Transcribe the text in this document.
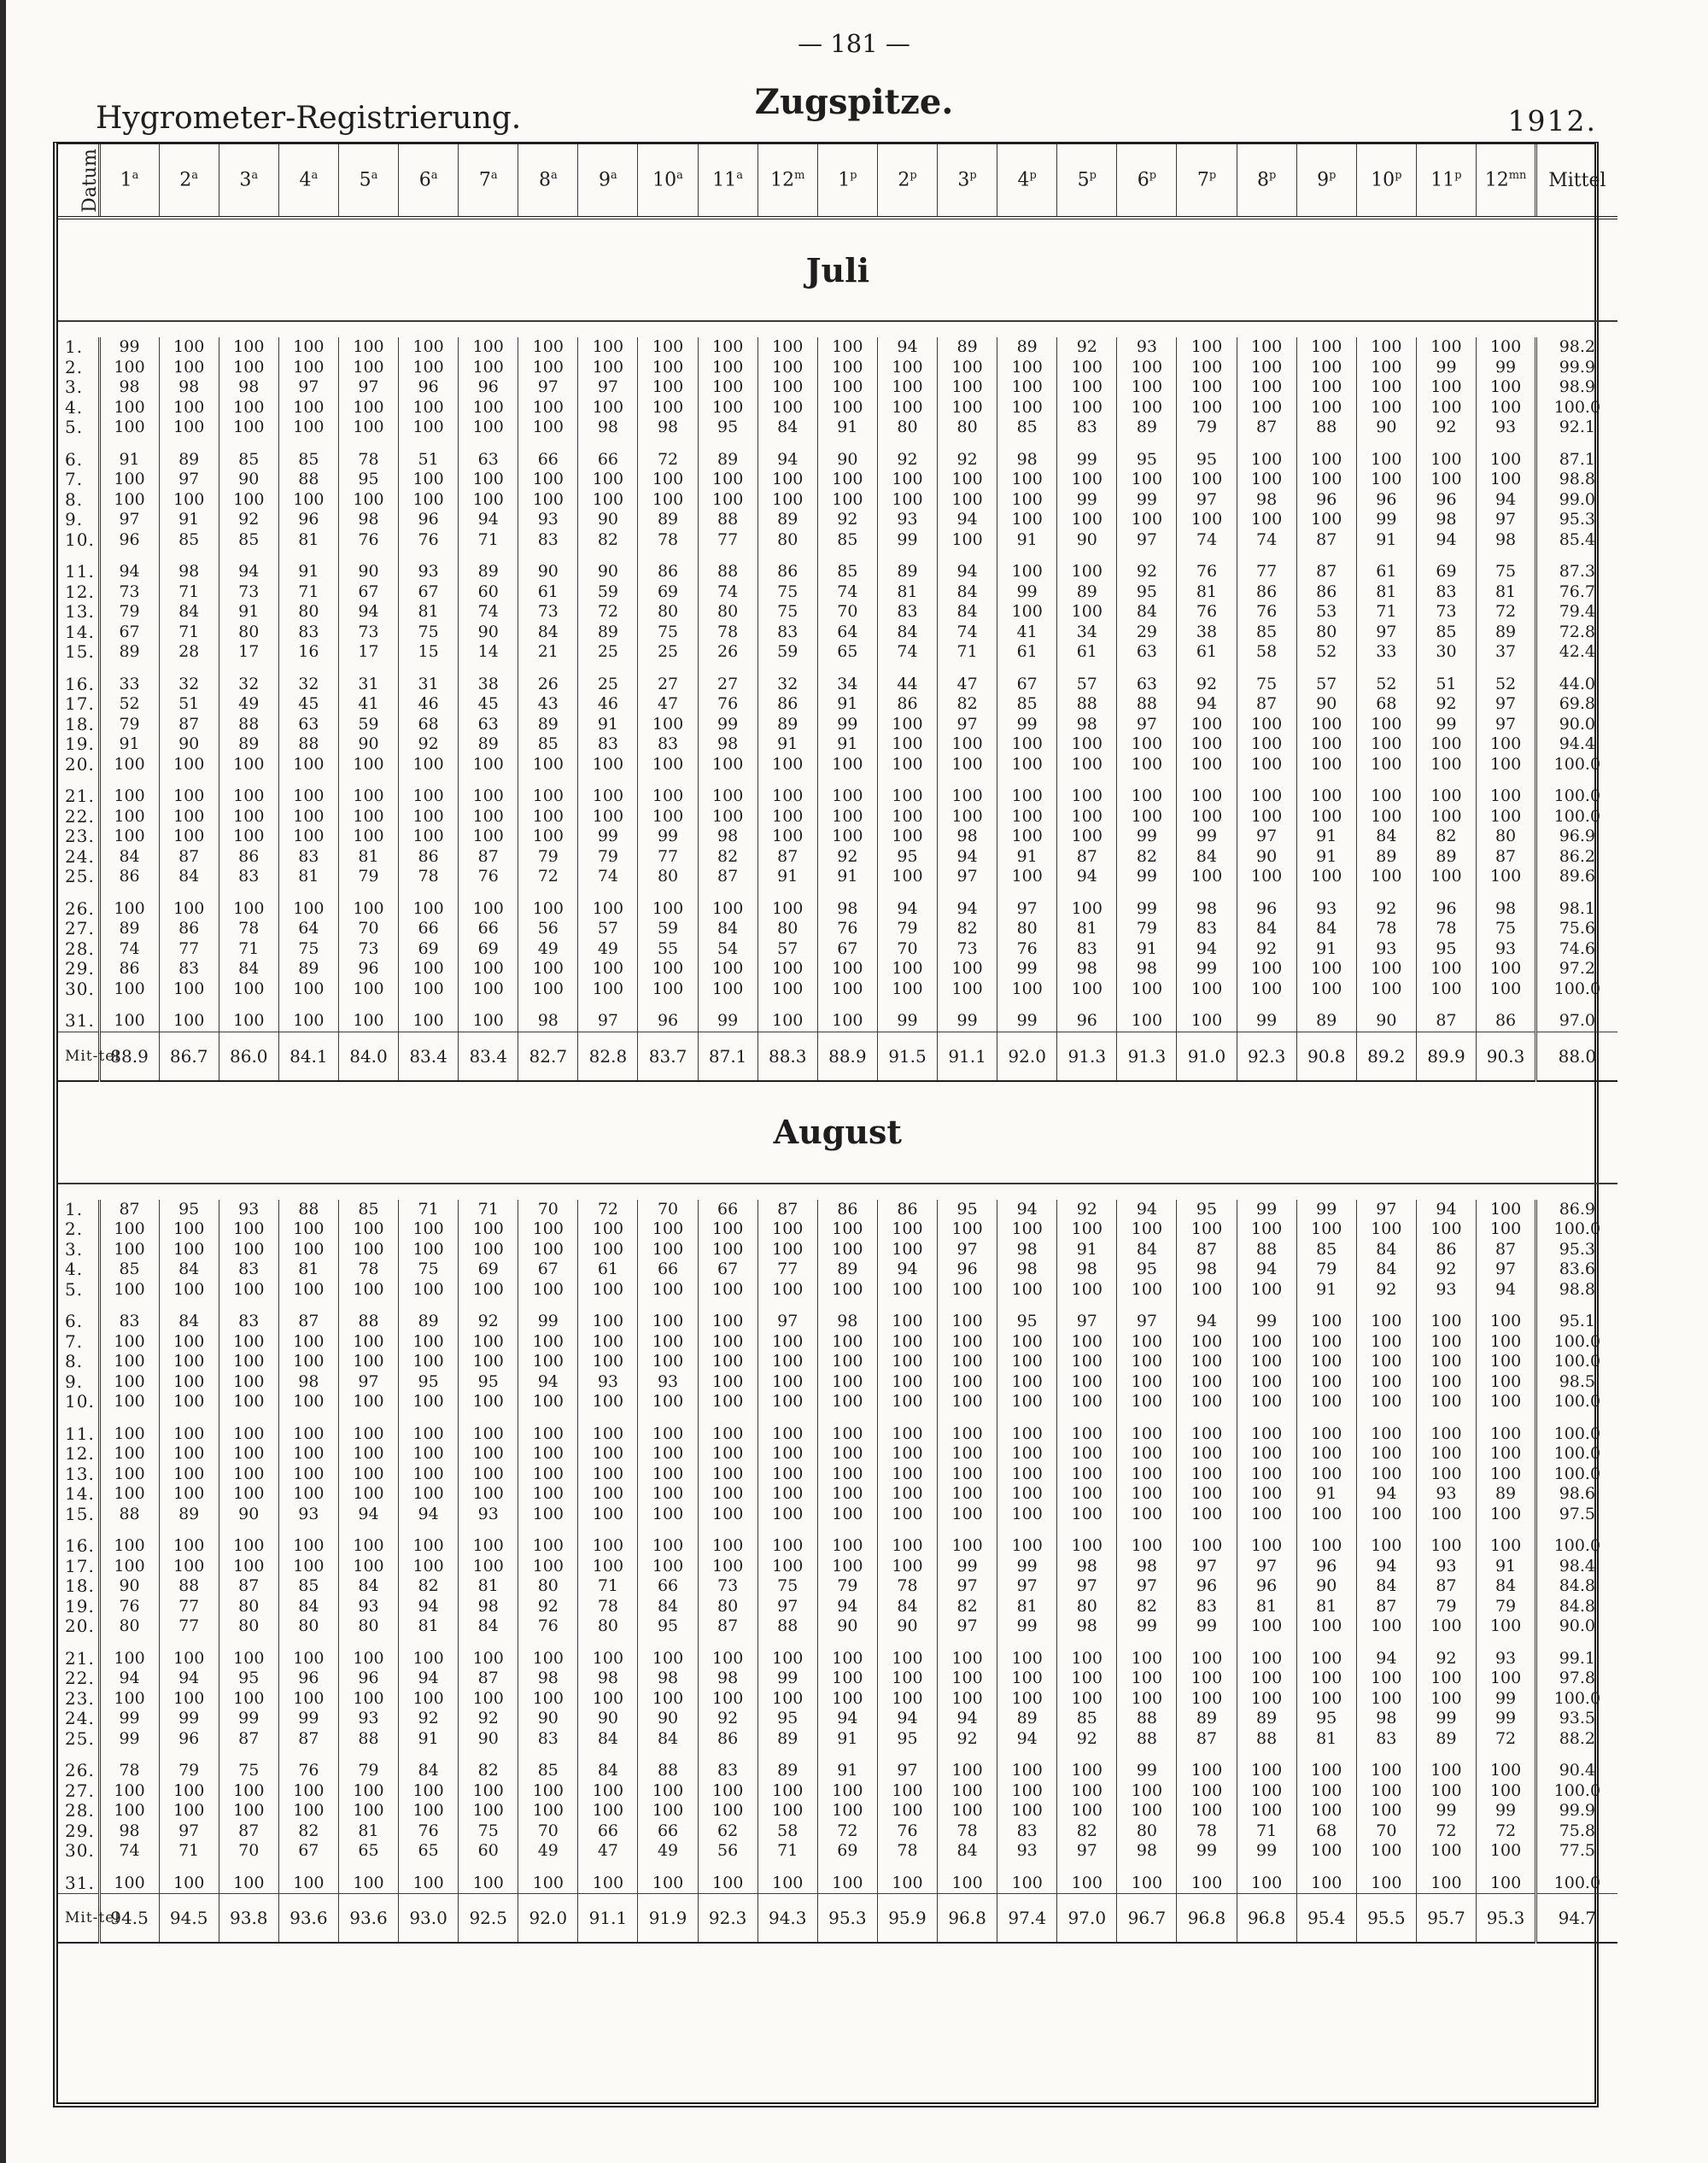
— 181 —
Hygrometer-Registrierung.	Zugspitze.	1912.
Datum	1$^a$	2$^a$	3$^a$	4$^a$	5$^a$	6$^a$	7$^a$	8$^a$	9$^a$	10$^a$	11$^a$	12$^m$	1$^p$	2$^p$	3$^p$	4$^p$	5$^p$	6$^p$	7$^p$	8$^p$	9$^p$	10$^p$	11$^p$	$12^{mn}$	Mittel
Juli																									

1.	99	100	100	100	100	100	100	100	100	100	100	100	100	94	89	89	92	93	100	100	100	100	100	100	98.2
2.	100	100	100	100	100	100	100	100	100	100	100	100	100	100	100	100	100	100	100	100	100	100	99	99	99.9
3.	98	98	98	97	97	96	96	97	97	100	100	100	100	100	100	100	100	100	100	100	100	100	100	100	98.9
4.	100	100	100	100	100	100	100	100	100	100	100	100	100	100	100	100	100	100	100	100	100	100	100	100	100.0
5.	100	100	100	100	100	100	100	100	98	98	95	84	91	80	80	85	83	89	79	87	88	90	92	93	92.1

6.	91	89	85	85	78	51	63	66	66	72	89	94	90	92	92	98	99	95	95	100	100	100	100	100	87.1
7.	100	97	90	88	95	100	100	100	100	100	100	100	100	100	100	100	100	100	100	100	100	100	100	100	98.8
8.	100	100	100	100	100	100	100	100	100	100	100	100	100	100	100	100	99	99	97	98	96	96	96	94	99.0
9.	97	91	92	96	98	96	94	93	90	89	88	89	92	93	94	100	100	100	100	100	100	99	98	97	95.3
10.	96	85	85	81	76	76	71	83	82	78	77	80	85	99	100	91	90	97	74	74	87	91	94	98	85.4

11.	94	98	94	91	90	93	89	90	90	86	88	86	85	89	94	100	100	92	76	77	87	61	69	75	87.3
12.	73	71	73	71	67	67	60	61	59	69	74	75	74	81	84	99	89	95	81	86	86	81	83	81	76.7
13.	79	84	91	80	94	81	74	73	72	80	80	75	70	83	84	100	100	84	76	76	53	71	73	72	79.4
14.	67	71	80	83	73	75	90	84	89	75	78	83	64	84	74	41	34	29	38	85	80	97	85	89	72.8
15.	89	28	17	16	17	15	14	21	25	25	26	59	65	74	71	61	61	63	61	58	52	33	30	37	42.4

16.	33	32	32	32	31	31	38	26	25	27	27	32	34	44	47	67	57	63	92	75	57	52	51	52	44.0
17.	52	51	49	45	41	46	45	43	46	47	76	86	91	86	82	85	88	88	94	87	90	68	92	97	69.8
18.	79	87	88	63	59	68	63	89	91	100	99	89	99	100	97	99	98	97	100	100	100	100	99	97	90.0
19.	91	90	89	88	90	92	89	85	83	83	98	91	91	100	100	100	100	100	100	100	100	100	100	100	94.4
20.	100	100	100	100	100	100	100	100	100	100	100	100	100	100	100	100	100	100	100	100	100	100	100	100	100.0

21.	100	100	100	100	100	100	100	100	100	100	100	100	100	100	100	100	100	100	100	100	100	100	100	100	100.0
22.	100	100	100	100	100	100	100	100	100	100	100	100	100	100	100	100	100	100	100	100	100	100	100	100	100.0
23.	100	100	100	100	100	100	100	100	99	99	98	100	100	100	98	100	100	99	99	97	91	84	82	80	96.9
24.	84	87	86	83	81	86	87	79	79	77	82	87	92	95	94	91	87	82	84	90	91	89	89	87	86.2
25.	86	84	83	81	79	78	76	72	74	80	87	91	91	100	97	100	94	99	100	100	100	100	100	100	89.6

26.	100	100	100	100	100	100	100	100	100	100	100	100	98	94	94	97	100	99	98	96	93	92	96	98	98.1
27.	89	86	78	64	70	66	66	56	57	59	84	80	76	79	82	80	81	79	83	84	84	78	78	75	75.6
28.	74	77	71	75	73	69	69	49	49	55	54	57	67	70	73	76	83	91	94	92	91	93	95	93	74.6
29.	86	83	84	89	96	100	100	100	100	100	100	100	100	100	100	99	98	98	99	100	100	100	100	100	97.2
30.	100	100	100	100	100	100	100	100	100	100	100	100	100	100	100	100	100	100	100	100	100	100	100	100	100.0

31.	100	100	100	100	100	100	100	98	97	96	99	100	100	99	99	99	96	100	100	99	89	90	87	86	97.0
Mit-tel	88.9	86.7	86.0	84.1	84.0	83.4	83.4	82.7	82.8	83.7	87.1	88.3	88.9	91.5	91.1	92.0	91.3	91.3	91.0	92.3	90.8	89.2	89.9	90.3	88.0
August																									

1.	87	95	93	88	85	71	71	70	72	70	66	87	86	86	95	94	92	94	95	99	99	97	94	100	86.9
2.	100	100	100	100	100	100	100	100	100	100	100	100	100	100	100	100	100	100	100	100	100	100	100	100	100.0
3.	100	100	100	100	100	100	100	100	100	100	100	100	100	100	97	98	91	84	87	88	85	84	86	87	95.3
4.	85	84	83	81	78	75	69	67	61	66	67	77	89	94	96	98	98	95	98	94	79	84	92	97	83.6
5.	100	100	100	100	100	100	100	100	100	100	100	100	100	100	100	100	100	100	100	100	91	92	93	94	98.8

6.	83	84	83	87	88	89	92	99	100	100	100	97	98	100	100	95	97	97	94	99	100	100	100	100	95.1
7.	100	100	100	100	100	100	100	100	100	100	100	100	100	100	100	100	100	100	100	100	100	100	100	100	100.0
8.	100	100	100	100	100	100	100	100	100	100	100	100	100	100	100	100	100	100	100	100	100	100	100	100	100.0
9.	100	100	100	98	97	95	95	94	93	93	100	100	100	100	100	100	100	100	100	100	100	100	100	100	98.5
10.	100	100	100	100	100	100	100	100	100	100	100	100	100	100	100	100	100	100	100	100	100	100	100	100	100.0

11.	100	100	100	100	100	100	100	100	100	100	100	100	100	100	100	100	100	100	100	100	100	100	100	100	100.0
12.	100	100	100	100	100	100	100	100	100	100	100	100	100	100	100	100	100	100	100	100	100	100	100	100	100.0
13.	100	100	100	100	100	100	100	100	100	100	100	100	100	100	100	100	100	100	100	100	100	100	100	100	100.0
14.	100	100	100	100	100	100	100	100	100	100	100	100	100	100	100	100	100	100	100	100	91	94	93	89	98.6
15.	88	89	90	93	94	94	93	100	100	100	100	100	100	100	100	100	100	100	100	100	100	100	100	100	97.5

16.	100	100	100	100	100	100	100	100	100	100	100	100	100	100	100	100	100	100	100	100	100	100	100	100	100.0
17.	100	100	100	100	100	100	100	100	100	100	100	100	100	100	99	99	98	98	97	97	96	94	93	91	98.4
18.	90	88	87	85	84	82	81	80	71	66	73	75	79	78	97	97	97	97	96	96	90	84	87	84	84.8
19.	76	77	80	84	93	94	98	92	78	84	80	97	94	84	82	81	80	82	83	81	81	87	79	79	84.8
20.	80	77	80	80	80	81	84	76	80	95	87	88	90	90	97	99	98	99	99	100	100	100	100	100	90.0

21.	100	100	100	100	100	100	100	100	100	100	100	100	100	100	100	100	100	100	100	100	100	94	92	93	99.1
22.	94	94	95	96	96	94	87	98	98	98	98	99	100	100	100	100	100	100	100	100	100	100	100	100	97.8
23.	100	100	100	100	100	100	100	100	100	100	100	100	100	100	100	100	100	100	100	100	100	100	100	99	100.0
24.	99	99	99	99	93	92	92	90	90	90	92	95	94	94	94	89	85	88	89	89	95	98	99	99	93.5
25.	99	96	87	87	88	91	90	83	84	84	86	89	91	95	92	94	92	88	87	88	81	83	89	72	88.2

26.	78	79	75	76	79	84	82	85	84	88	83	89	91	97	100	100	100	99	100	100	100	100	100	100	90.4
27.	100	100	100	100	100	100	100	100	100	100	100	100	100	100	100	100	100	100	100	100	100	100	100	100	100.0
28.	100	100	100	100	100	100	100	100	100	100	100	100	100	100	100	100	100	100	100	100	100	100	99	99	99.9
29.	98	97	87	82	81	76	75	70	66	66	62	58	72	76	78	83	82	80	78	71	68	70	72	72	75.8
30.	74	71	70	67	65	65	60	49	47	49	56	71	69	78	84	93	97	98	99	99	100	100	100	100	77.5

31.	100	100	100	100	100	100	100	100	100	100	100	100	100	100	100	100	100	100	100	100	100	100	100	100	100.0
Mit-tel	94.5	94.5	93.8	93.6	93.6	93.0	92.5	92.0	91.1	91.9	92.3	94.3	95.3	95.9	96.8	97.4	97.0	96.7	96.8	96.8	95.4	95.5	95.7	95.3	94.7
